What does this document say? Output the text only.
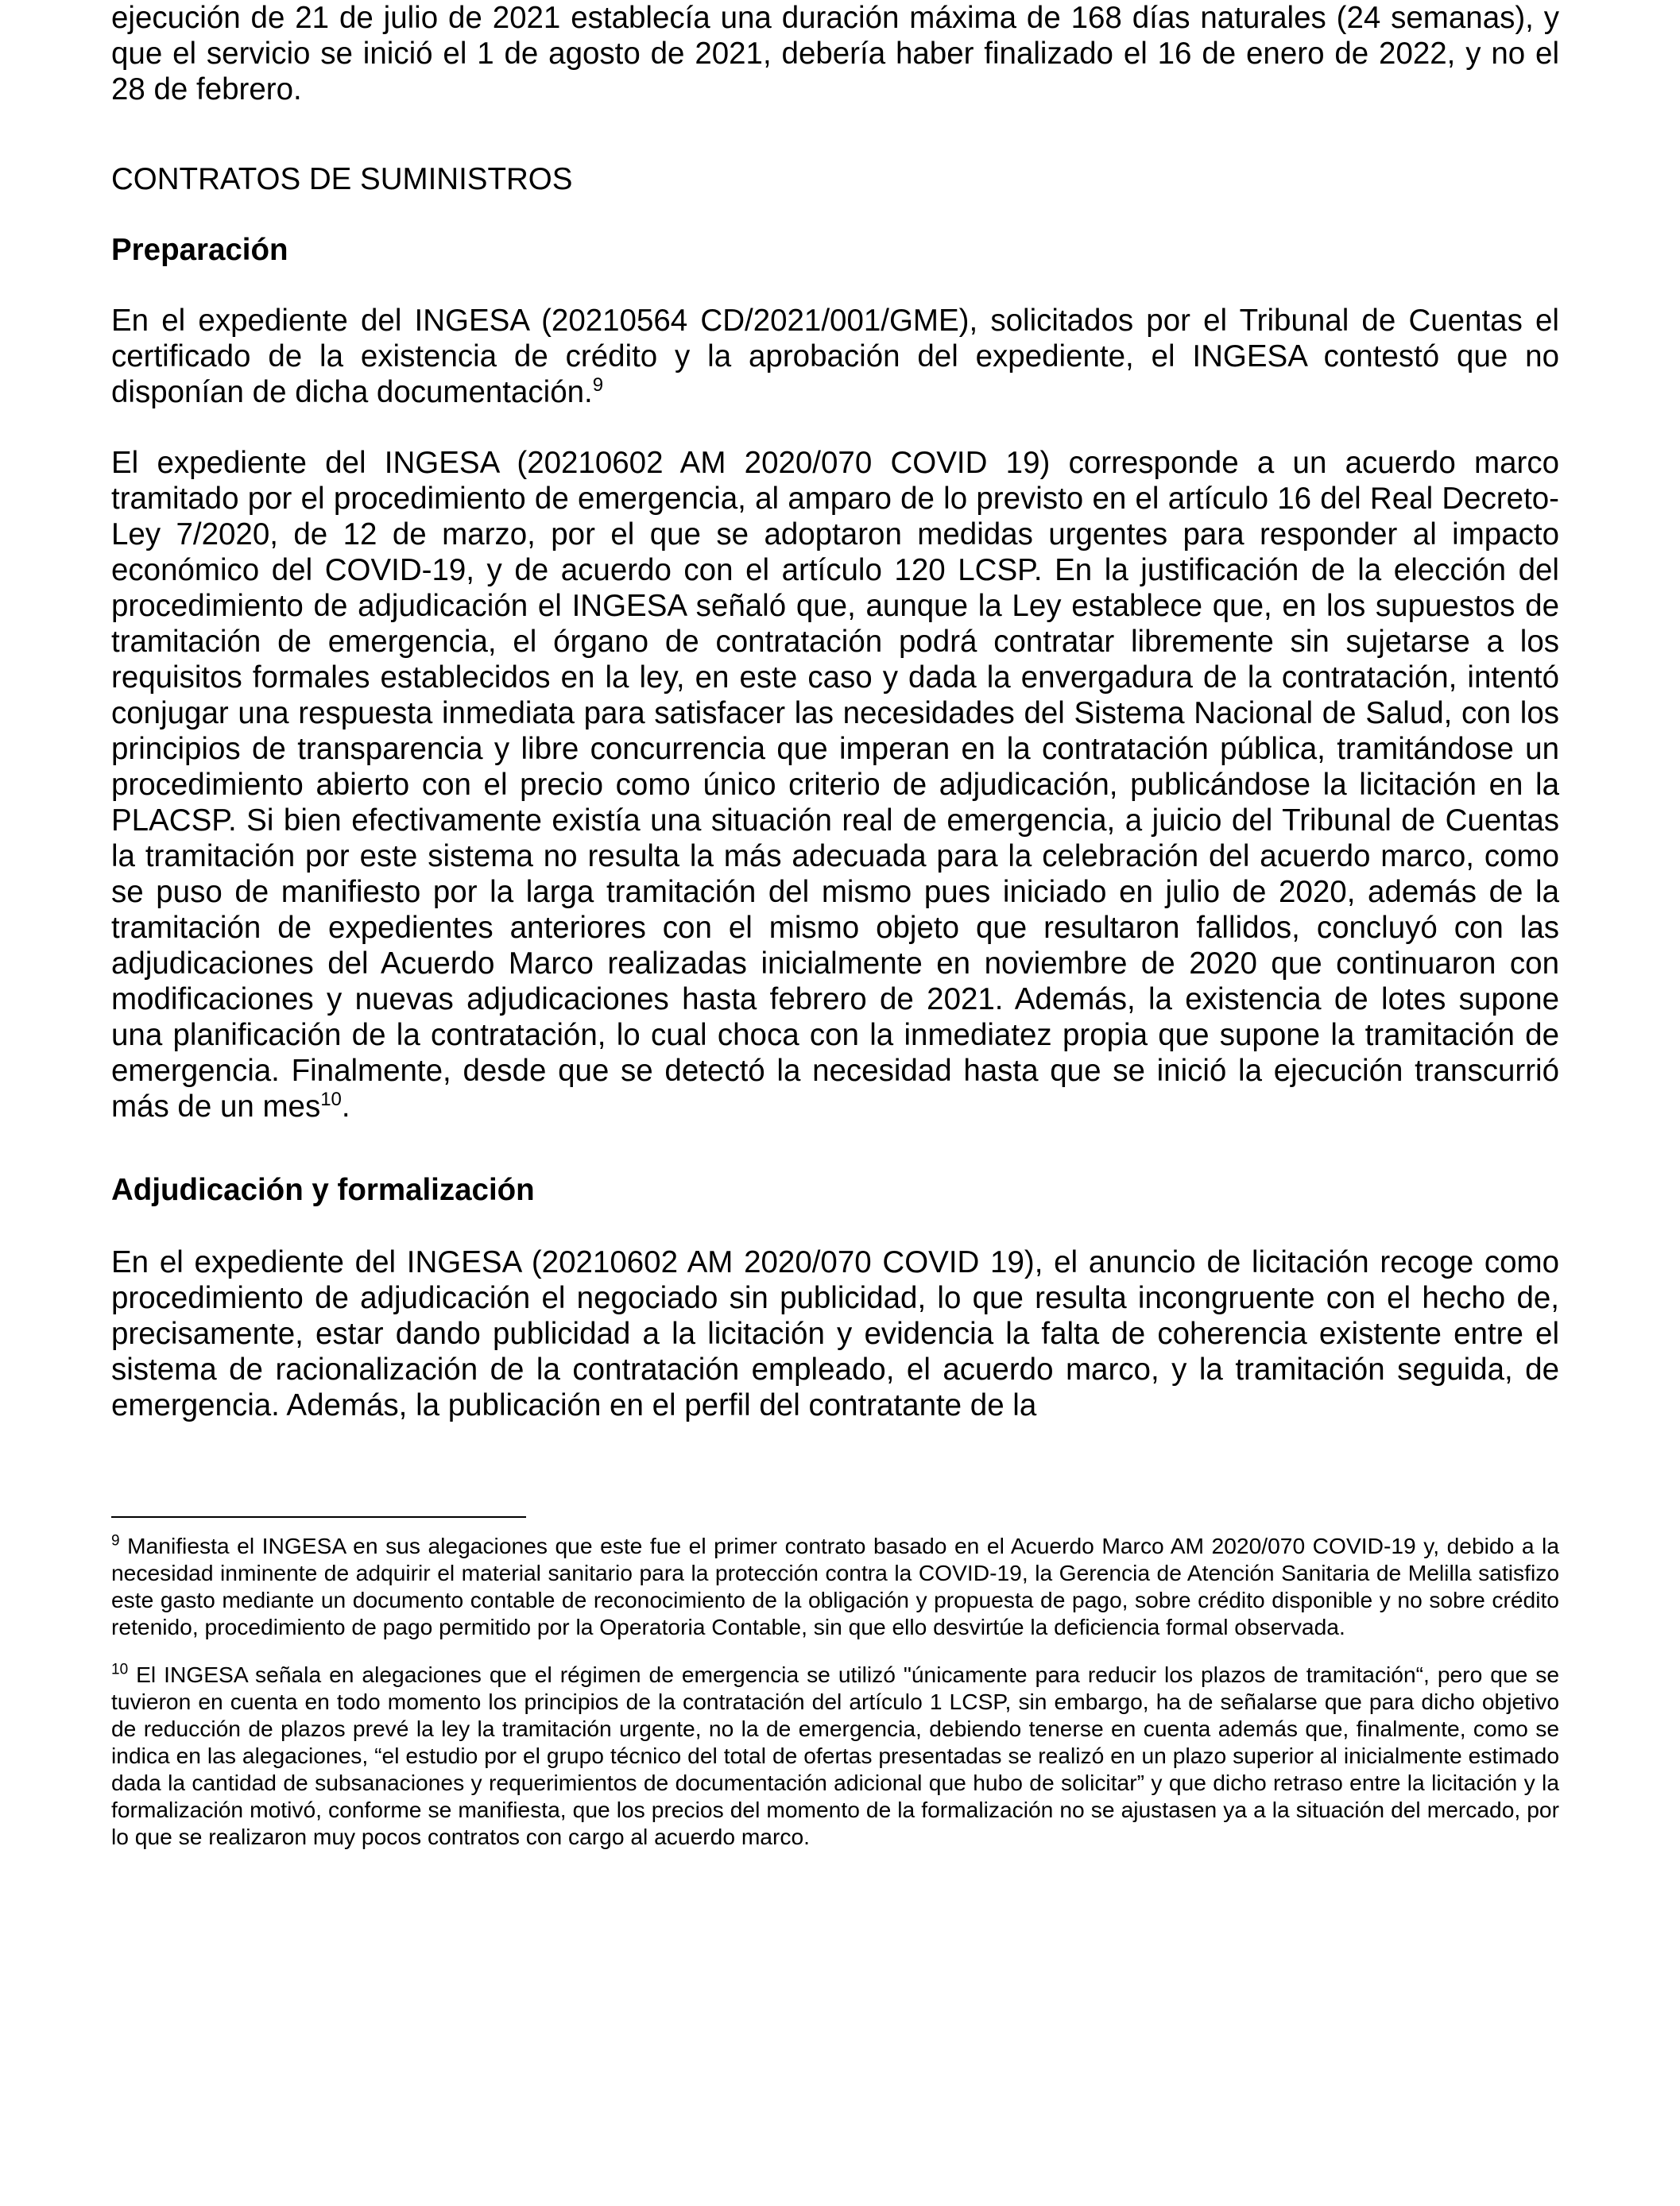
ejecución de 21 de julio de 2021 establecía una duración máxima de 168 días naturales (24 semanas), y que el servicio se inició el 1 de agosto de 2021, debería haber finalizado el 16 de enero de 2022, y no el 28 de febrero.

CONTRATOS DE SUMINISTROS

Preparación

En el expediente del INGESA (20210564 CD/2021/001/GME), solicitados por el Tribunal de Cuentas el certificado de la existencia de crédito y la aprobación del expediente, el INGESA contestó que no disponían de dicha documentación.$^9$

El expediente del INGESA (20210602 AM 2020/070 COVID 19) corresponde a un acuerdo marco tramitado por el procedimiento de emergencia, al amparo de lo previsto en el artículo 16 del Real Decreto-Ley 7/2020, de 12 de marzo, por el que se adoptaron medidas urgentes para responder al impacto económico del COVID-19, y de acuerdo con el artículo 120 LCSP. En la justificación de la elección del procedimiento de adjudicación el INGESA señaló que, aunque la Ley establece que, en los supuestos de tramitación de emergencia, el órgano de contratación podrá contratar libremente sin sujetarse a los requisitos formales establecidos en la ley, en este caso y dada la envergadura de la contratación, intentó conjugar una respuesta inmediata para satisfacer las necesidades del Sistema Nacional de Salud, con los principios de transparencia y libre concurrencia que imperan en la contratación pública, tramitándose un procedimiento abierto con el precio como único criterio de adjudicación, publicándose la licitación en la PLACSP. Si bien efectivamente existía una situación real de emergencia, a juicio del Tribunal de Cuentas la tramitación por este sistema no resulta la más adecuada para la celebración del acuerdo marco, como se puso de manifiesto por la larga tramitación del mismo pues iniciado en julio de 2020, además de la tramitación de expedientes anteriores con el mismo objeto que resultaron fallidos, concluyó con las adjudicaciones del Acuerdo Marco realizadas inicialmente en noviembre de 2020 que continuaron con modificaciones y nuevas adjudicaciones hasta febrero de 2021. Además, la existencia de lotes supone una planificación de la contratación, lo cual choca con la inmediatez propia que supone la tramitación de emergencia. Finalmente, desde que se detectó la necesidad hasta que se inició la ejecución transcurrió más de un mes$^{10}$.

Adjudicación y formalización

En el expediente del INGESA (20210602 AM 2020/070 COVID 19), el anuncio de licitación recoge como procedimiento de adjudicación el negociado sin publicidad, lo que resulta incongruente con el hecho de, precisamente, estar dando publicidad a la licitación y evidencia la falta de coherencia existente entre el sistema de racionalización de la contratación empleado, el acuerdo marco, y la tramitación seguida, de emergencia. Además, la publicación en el perfil del contratante de la

$^9$ Manifiesta el INGESA en sus alegaciones que este fue el primer contrato basado en el Acuerdo Marco AM 2020/070 COVID-19 y, debido a la necesidad inminente de adquirir el material sanitario para la protección contra la COVID-19, la Gerencia de Atención Sanitaria de Melilla satisfizo este gasto mediante un documento contable de reconocimiento de la obligación y propuesta de pago, sobre crédito disponible y no sobre crédito retenido, procedimiento de pago permitido por la Operatoria Contable, sin que ello desvirtúe la deficiencia formal observada.

$^{10}$ El INGESA señala en alegaciones que el régimen de emergencia se utilizó "únicamente para reducir los plazos de tramitación“, pero que se tuvieron en cuenta en todo momento los principios de la contratación del artículo 1 LCSP, sin embargo, ha de señalarse que para dicho objetivo de reducción de plazos prevé la ley la tramitación urgente, no la de emergencia, debiendo tenerse en cuenta además que, finalmente, como se indica en las alegaciones, “el estudio por el grupo técnico del total de ofertas presentadas se realizó en un plazo superior al inicialmente estimado dada la cantidad de subsanaciones y requerimientos de documentación adicional que hubo de solicitar” y que dicho retraso entre la licitación y la formalización motivó, conforme se manifiesta, que los precios del momento de la formalización no se ajustasen ya a la situación del mercado, por lo que se realizaron muy pocos contratos con cargo al acuerdo marco.
